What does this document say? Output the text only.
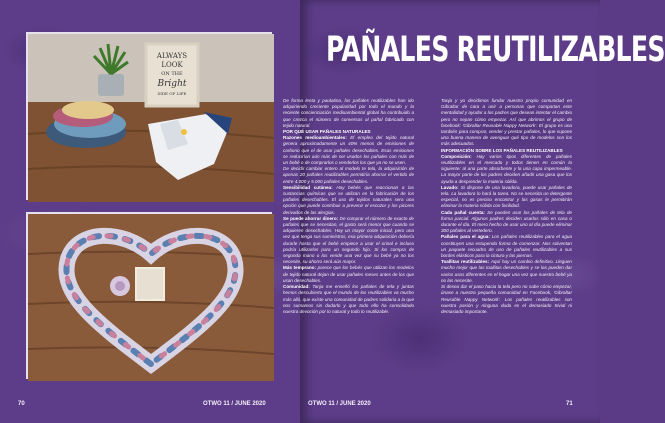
ALWAYS
LOOK
ON THE
Bright
SIDE OF LIFE
70	OTWO 11 / JUNE 2020	OTWO 11 / JUNE 2020	71
PAÑALES REUTILIZABLES

De forma lenta y paulatina, los pañales reutilizables han ido adquiriendo creciente popularidad por todo el mundo y la reciente concienciación medioambiental global ha contribuido a que crezca el número de conversos al pañal fabricado con tejido natural.

POR QUÉ USAR PAÑALES NATURALES

Razones medioambientales: El empleo del tejido natural genera aproximadamente un 40% menos de emisiones de carbono que el de usar pañales desechables. Esas emisiones se reducirían aún más de ser usados los pañales con más de un bebé o de comprarlos o venderlos los que ya no se usen.

De decidir cambiar entero al modelo te tela, la adquisición de apenas 20 pañales reutilizables permitiría ahorrar el vertido de entre 4.000 y 5.000 pañales desechables.

Sensibilidad cutánea: Hay bebés que reaccionan a las sustancias químicas que se utilizan en la fabricación de los pañales desechables. El uso de tejidos naturales sera una opción que puede contribuir a prevenir el escozor y los picores derivados de las alergias.

Se puede ahorrar dinero: De comprar el número de exacto de pañales que se necesitan, el gasto será menor que cuando se adquieren desechables. Hay un mayor coste inicial, pero una vez que tenga sus suministros, esa primera adquisición debería durarle hasta que el bebé empiece a usar el orinal e incluso podría utilizarlos para un segundo hijo. Si los compra de segunda mano o los vende una vez que su bebé ya no los necesite, su ahorro será aún mayor.

Más temprano: parece que los bebés que utilizan los modelos de tejido natural dejan de usar pañales meses antes de los que usan desechables.

Comunidad: Tanja me enseñó los pañales de tela y juntas hemos descubierto que el mundo de los reutilizables va mucho más allá, que existe una comunidad de padres solidaria a la que nos sumamos sin dudarlo y que todo ello ha consolidado nuestra devoción por lo natural y todo lo reutilizable.

Tanja y yo decidimos fundar nuestro propio comunidad en Gibraltar de cara a unir a personas que compartan este mentalidad y ayudar a los padres que desean intentar el cambio pero no sepan cómo empezar. Así que abrimos el grupo de facebook: 'Gibraltar Reusable Nappy Network'. El grupo es una también para comprar, vender y prestar pañales, lo que supone una buena manera de averiguar qué tipo de modelos son los más adecuados.

INFORMACIÓN SOBRE LOS PAÑALES REUTILIZABLES

Composición: Hay varios tipos diferentes de pañales reutilizables en el mercado y todos tienen en común lo siguiente: al una parte absorbente y la una capa impermeable. La mayor parte de los padres deciden añadir una gasa que los ayuda a desprender la materia sólida.

Lavado: Si dispone de una lavadora, puede usar pañales de tela. La lavadora lo hará la tarea. No se necesita un detergente especial, no es preciso encontrar y las gasas le permitirán eliminar la materia sólida con facilidad.

Cada pañal cuenta: Se pueden usar los pañales de tela de forma parcial. Algunos padres deciden usarlos sólo en casa o durante el día. El mero hecho de usar uno al día puede eliminar 300 pañales al vertedero.

Pañales para el agua: Los pañales reutilizables para el agua constituyen una estupenda forma de comenzar. Nos solventan un paquete recuadro de uso de pañales reutilizables a sus bordes elásticos para la cintura y las piernas.

Toallitas reutilizables: Aquí hay un cambio definitivo. Lleguen mucho mejor que las toallitas desechables y se las pueden dar varios usos diferentes en el hogar una vez que nuestro bebé ya no las necesite.

Si desea dar el paso hacia la tela pero no sabe cómo empezar, únase a nuestra pequeña comunidad en Facebook, 'Gibraltar Reusable Nappy Network'. Los pañales reutilizables son nuestra pasión y ninguna duda es el demasiado trivial ni demasiado importante.
